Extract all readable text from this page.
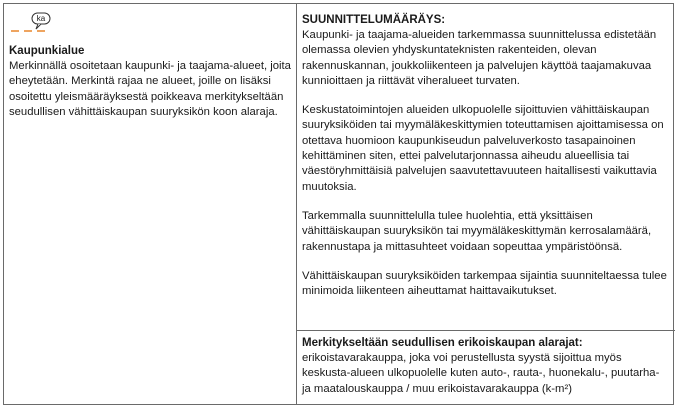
ka
Kaupunkialue

Merkinnällä osoitetaan kaupunki- ja taajama-alueet, joita eheytetään. Merkintä rajaa ne alueet, joille on lisäksi osoitettu yleismääräyksestä poikkeava merkitykseltään seudullisen vähittäiskaupan suuryksikön koon alaraja.

SUUNNITTELUMÄÄRÄYS:

Kaupunki- ja taajama-alueiden tarkemmassa suunnittelussa edistetään olemassa olevien yhdyskuntateknisten rakenteiden, olevan rakennuskannan, joukkoliikenteen ja palvelujen käyttöä taajamakuvaa kunnioittaen ja riittävät viheralueet turvaten.

Keskustatoimintojen alueiden ulkopuolelle sijoittuvien vähittäiskaupan suuryksiköiden tai myymäläkeskittymien toteuttamisen ajoittamisessa on otettava huomioon kaupunkiseudun palveluverkosto tasapainoinen kehittäminen siten, ettei palvelutarjonnassa aiheudu alueellisia tai väestöryhmittäisiä palvelujen saavutettavuuteen haitallisesti vaikuttavia muutoksia.

Tarkemmalla suunnittelulla tulee huolehtia, että yksittäisen vähittäiskaupan suuryksikön tai myymäläkeskittymän kerrosalamäärä, rakennustapa ja mittasuhteet voidaan sopeuttaa ympäristöönsä.

Vähittäiskaupan suuryksiköiden tarkempaa sijaintia suunniteltaessa tulee minimoida liikenteen aiheuttamat haittavaikutukset.

Merkitykseltään seudullisen erikoiskaupan alarajat:

erikoistavarakauppa, joka voi perustellusta syystä sijoittua myös keskusta-alueen ulkopuolelle kuten auto-, rauta-, huonekalu-, puutarha- ja maatalouskauppa / muu erikoistavarakauppa (k-m²)
